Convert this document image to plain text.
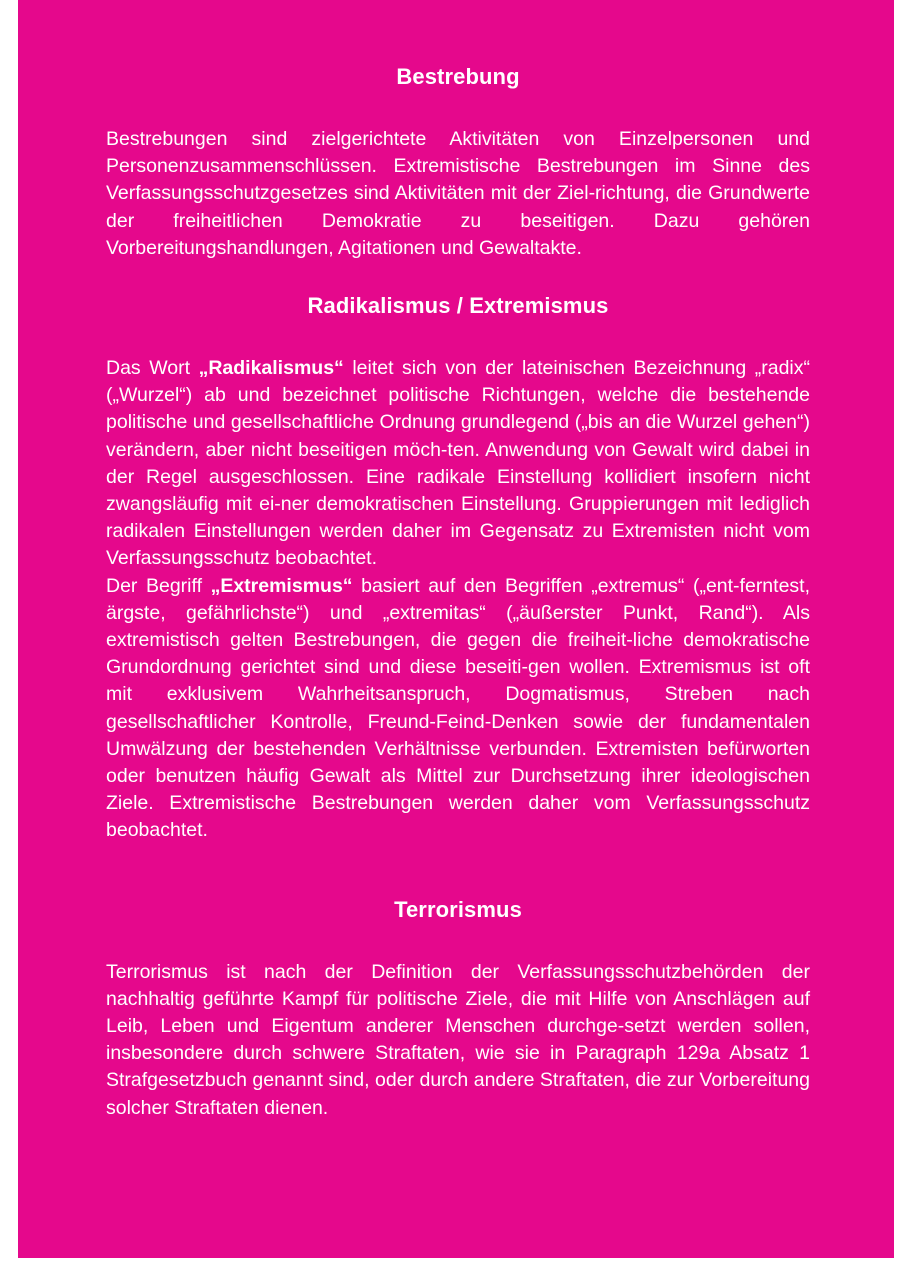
Bestrebung

Bestrebungen sind zielgerichtete Aktivitäten von Einzelpersonen und Personenzusammenschlüssen. Extremistische Bestrebungen im Sinne des Verfassungsschutzgesetzes sind Aktivitäten mit der Ziel-richtung, die Grundwerte der freiheitlichen Demokratie zu beseitigen. Dazu gehören Vorbereitungshandlungen, Agitationen und Gewaltakte.

Radikalismus / Extremismus

Das Wort „Radikalismus“ leitet sich von der lateinischen Bezeichnung „radix“ („Wurzel“) ab und bezeichnet politische Richtungen, welche die bestehende politische und gesellschaftliche Ordnung grundlegend („bis an die Wurzel gehen“) verändern, aber nicht beseitigen möch-ten. Anwendung von Gewalt wird dabei in der Regel ausgeschlossen. Eine radikale Einstellung kollidiert insofern nicht zwangsläufig mit ei-ner demokratischen Einstellung. Gruppierungen mit lediglich radikalen Einstellungen werden daher im Gegensatz zu Extremisten nicht vom Verfassungsschutz beobachtet.

Der Begriff „Extremismus“ basiert auf den Begriffen „extremus“ („ent-ferntest, ärgste, gefährlichste“) und „extremitas“ („äußerster Punkt, Rand“). Als extremistisch gelten Bestrebungen, die gegen die freiheit-liche demokratische Grundordnung gerichtet sind und diese beseiti-gen wollen. Extremismus ist oft mit exklusivem Wahrheitsanspruch, Dogmatismus, Streben nach gesellschaftlicher Kontrolle, Freund-Feind-Denken sowie der fundamentalen Umwälzung der bestehenden Verhältnisse verbunden. Extremisten befürworten oder benutzen häufig Gewalt als Mittel zur Durchsetzung ihrer ideologischen Ziele. Extremistische Bestrebungen werden daher vom Verfassungsschutz beobachtet.

Terrorismus

Terrorismus ist nach der Definition der Verfassungsschutzbehörden der nachhaltig geführte Kampf für politische Ziele, die mit Hilfe von Anschlägen auf Leib, Leben und Eigentum anderer Menschen durchge-setzt werden sollen, insbesondere durch schwere Straftaten, wie sie in Paragraph 129a Absatz 1 Strafgesetzbuch genannt sind, oder durch andere Straftaten, die zur Vorbereitung solcher Straftaten dienen.
